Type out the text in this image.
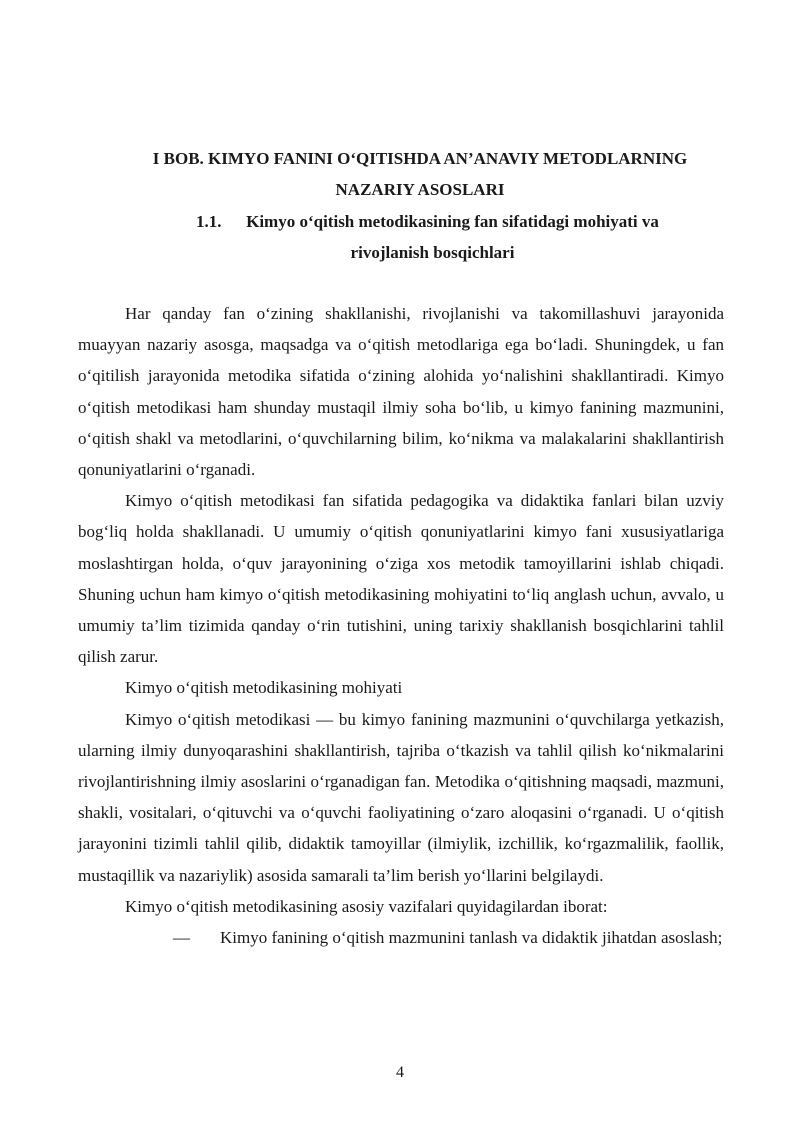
I BOB. KIMYO FANINI O‘QITISHDA AN’ANAVIY METODLARNING
NAZARIY ASOSLARI
1.1. Kimyo o‘qitish metodikasining fan sifatidagi mohiyati va
rivojlanish bosqichlari

Har qanday fan o‘zining shakllanishi, rivojlanishi va takomillashuvi jarayonida muayyan nazariy asosga, maqsadga va o‘qitish metodlariga ega bo‘ladi. Shuningdek, u fan o‘qitilish jarayonida metodika sifatida o‘zining alohida yo‘nalishini shakllantiradi. Kimyo o‘qitish metodikasi ham shunday mustaqil ilmiy soha bo‘lib, u kimyo fanining mazmunini, o‘qitish shakl va metodlarini, o‘quvchilarning bilim, ko‘nikma va malakalarini shakllantirish qonuniyatlarini o‘rganadi.

Kimyo o‘qitish metodikasi fan sifatida pedagogika va didaktika fanlari bilan uzviy bog‘liq holda shakllanadi. U umumiy o‘qitish qonuniyatlarini kimyo fani xususiyatlariga moslashtirgan holda, o‘quv jarayonining o‘ziga xos metodik tamoyillarini ishlab chiqadi. Shuning uchun ham kimyo o‘qitish metodikasining mohiyatini to‘liq anglash uchun, avvalo, u umumiy ta’lim tizimida qanday o‘rin tutishini, uning tarixiy shakllanish bosqichlarini tahlil qilish zarur.

Kimyo o‘qitish metodikasining mohiyati

Kimyo o‘qitish metodikasi — bu kimyo fanining mazmunini o‘quvchilarga yetkazish, ularning ilmiy dunyoqarashini shakllantirish, tajriba o‘tkazish va tahlil qilish ko‘nikmalarini rivojlantirishning ilmiy asoslarini o‘rganadigan fan. Metodika o‘qitishning maqsadi, mazmuni, shakli, vositalari, o‘qituvchi va o‘quvchi faoliyatining o‘zaro aloqasini o‘rganadi. U o‘qitish jarayonini tizimli tahlil qilib, didaktik tamoyillar (ilmiylik, izchillik, ko‘rgazmalilik, faollik, mustaqillik va nazariylik) asosida samarali ta’lim berish yo‘llarini belgilaydi.

Kimyo o‘qitish metodikasining asosiy vazifalari quyidagilardan iborat:

— Kimyo fanining o‘qitish mazmunini tanlash va didaktik jihatdan asoslash;

4
